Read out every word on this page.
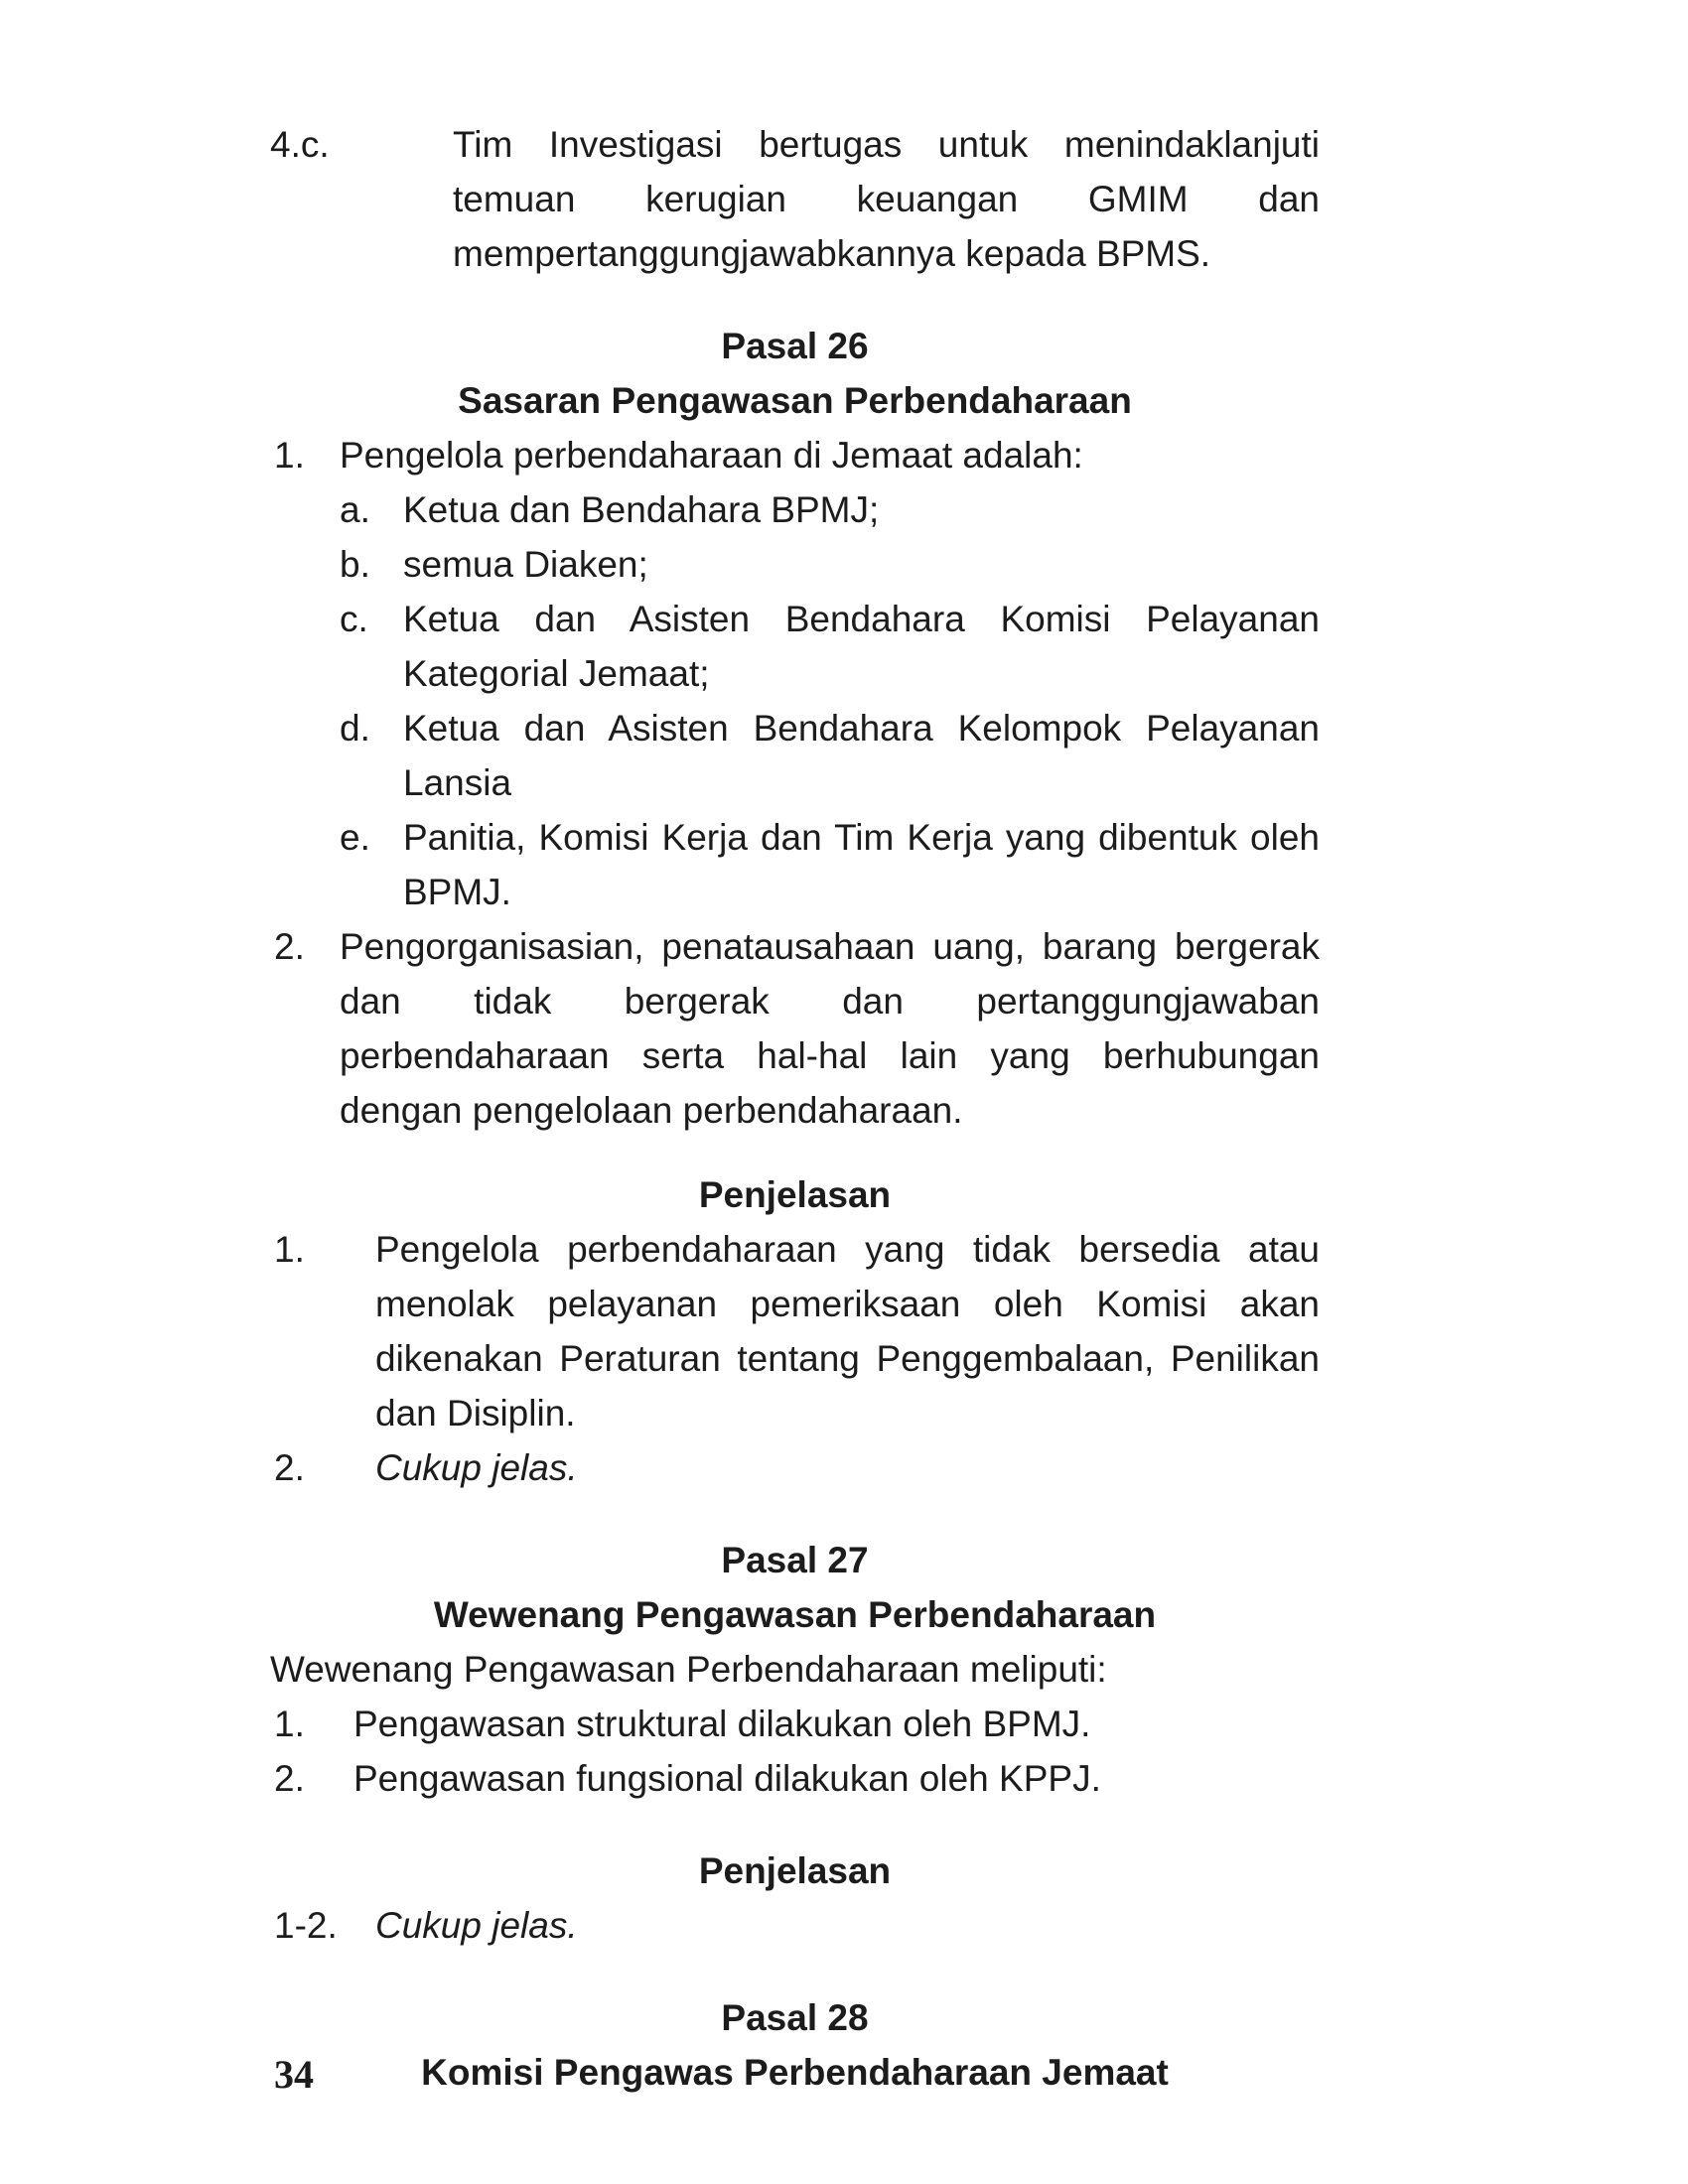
4.c.	Tim Investigasi bertugas untuk menindaklanjuti temuan kerugian keuangan GMIM dan mempertanggungjawabkannya kepada BPMS.
Pasal 26
Sasaran Pengawasan Perbendaharaan
1. Pengelola perbendaharaan di Jemaat adalah:
a. Ketua dan Bendahara BPMJ;
b. semua Diaken;
c. Ketua dan Asisten Bendahara Komisi Pelayanan Kategorial Jemaat;
d. Ketua dan Asisten Bendahara Kelompok Pelayanan Lansia
e. Panitia, Komisi Kerja dan Tim Kerja yang dibentuk oleh BPMJ.
2. Pengorganisasian, penatausahaan uang, barang bergerak dan tidak bergerak dan pertanggungjawaban perbendaharaan serta hal-hal lain yang berhubungan dengan pengelolaan perbendaharaan.
Penjelasan
1.	Pengelola perbendaharaan yang tidak bersedia atau menolak pelayanan pemeriksaan oleh Komisi akan dikenakan Peraturan tentang Penggembalaan, Penilikan dan Disiplin.
2.	Cukup jelas.
Pasal 27
Wewenang Pengawasan Perbendaharaan
Wewenang Pengawasan Perbendaharaan meliputi:
1.	Pengawasan struktural dilakukan oleh BPMJ.
2.	Pengawasan fungsional dilakukan oleh KPPJ.
Penjelasan
1-2.	Cukup jelas.
Pasal 28
Komisi Pengawas Perbendaharaan Jemaat
34
